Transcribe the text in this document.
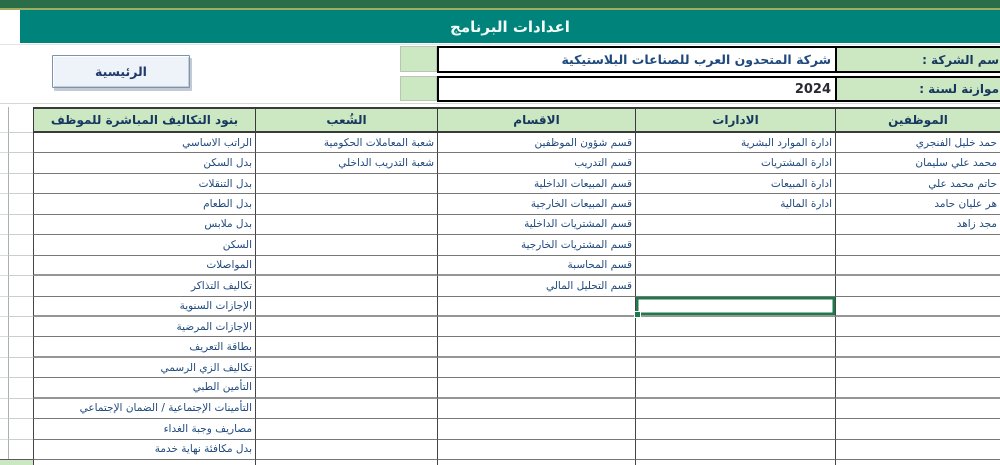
اعدادات البرنامج
الرئيسية
شركة المتحدون العرب للصناعات البلاستيكية	سم الشركة :
2024	موازنة لسنة :
الموظفين
الادارات
الاقسام
الشُعب
بنود التكاليف المباشرة للموظف
حمد خليل الفنجري
ادارة الموارد البشرية
قسم شؤون الموظفين
شعبة المعاملات الحكومية
الراتب الاساسي
محمد علي سليمان
ادارة المشتريات
قسم التدريب
شعبة التدريب الداخلي
بدل السكن
حاتم محمد علي
ادارة المبيعات
قسم المبيعات الداخلية
بدل التنقلات
هر عليان حامد
ادارة المالية
قسم المبيعات الخارجية
بدل الطعام
مجد زاهد
قسم المشتريات الداخلية
بدل ملابس
قسم المشتريات الخارجية
السكن
قسم المحاسبة
المواصلات
قسم التحليل المالي
تكاليف التذاكر
الإجازات السنوية
الإجازات المرضية
بطاقة التعريف
تكاليف الزي الرسمي
التأمين الطبي
التأمينات الإجتماعية / الضمان الإجتماعي
مصاريف وجبة الغداء
بدل مكافئة نهاية خدمة
